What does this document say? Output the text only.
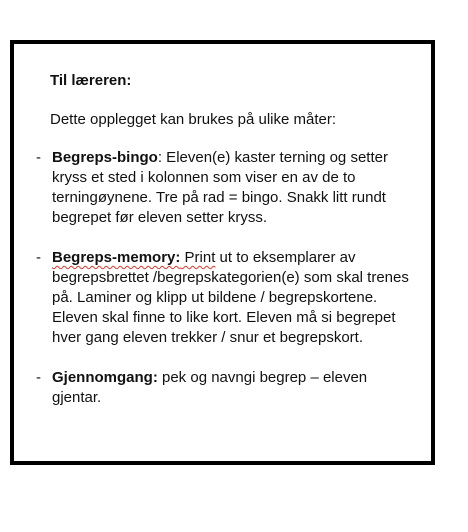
Til læreren:

Dette opplegget kan brukes på ulike måter:

- Begreps-bingo: Eleven(e) kaster terning og setter kryss et sted i kolonnen som viser en av de to terningøynene. Tre på rad = bingo. Snakk litt rundt begrepet før eleven setter kryss.
- Begreps-memory: Print ut to eksemplarer av begrepsbrettet /begrepskategorien(e) som skal trenes på. Laminer og klipp ut bildene / begrepskortene. Eleven skal finne to like kort. Eleven må si begrepet hver gang eleven trekker / snur et begrepskort.
- Gjennomgang: pek og navngi begrep – eleven gjentar.
